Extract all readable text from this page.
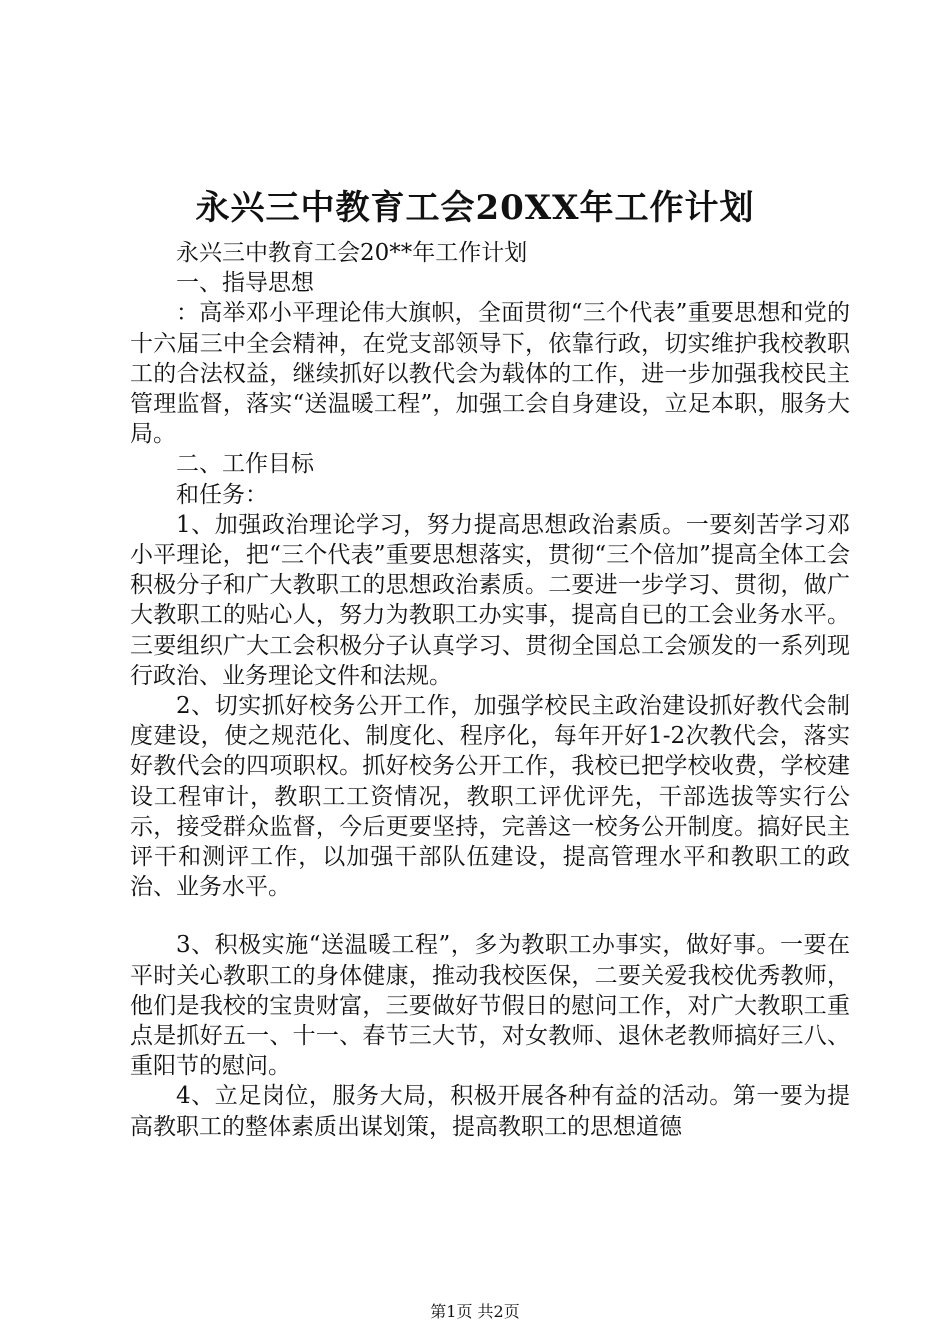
永兴三中教育工会20XX年工作计划

永兴三中教育工会20**年工作计划

一、指导思想

：高举邓小平理论伟大旗帜，全面贯彻“三个代表”重要思想和党的十六届三中全会精神，在党支部领导下，依靠行政，切实维护我校教职工的合法权益，继续抓好以教代会为载体的工作，进一步加强我校民主管理监督，落实“送温暖工程”，加强工会自身建设，立足本职，服务大局。

二、工作目标

和任务：

1、加强政治理论学习，努力提高思想政治素质。一要刻苦学习邓小平理论，把“三个代表”重要思想落实，贯彻“三个倍加”提高全体工会积极分子和广大教职工的思想政治素质。二要进一步学习、贯彻，做广大教职工的贴心人，努力为教职工办实事，提高自已的工会业务水平。三要组织广大工会积极分子认真学习、贯彻全国总工会颁发的一系列现行政治、业务理论文件和法规。

2、切实抓好校务公开工作，加强学校民主政治建设抓好教代会制度建设，使之规范化、制度化、程序化，每年开好1-2次教代会，落实好教代会的四项职权。抓好校务公开工作，我校已把学校收费，学校建设工程审计，教职工工资情况，教职工评优评先，干部选拔等实行公示，接受群众监督，今后更要坚持，完善这一校务公开制度。搞好民主评干和测评工作，以加强干部队伍建设，提高管理水平和教职工的政治、业务水平。

3、积极实施“送温暖工程”，多为教职工办事实，做好事。一要在平时关心教职工的身体健康，推动我校医保，二要关爱我校优秀教师，他们是我校的宝贵财富，三要做好节假日的慰问工作，对广大教职工重点是抓好五一、十一、春节三大节，对女教师、退休老教师搞好三八、重阳节的慰问。

4、立足岗位，服务大局，积极开展各种有益的活动。第一要为提高教职工的整体素质出谋划策，提高教职工的思想道德

第1页 共2页
